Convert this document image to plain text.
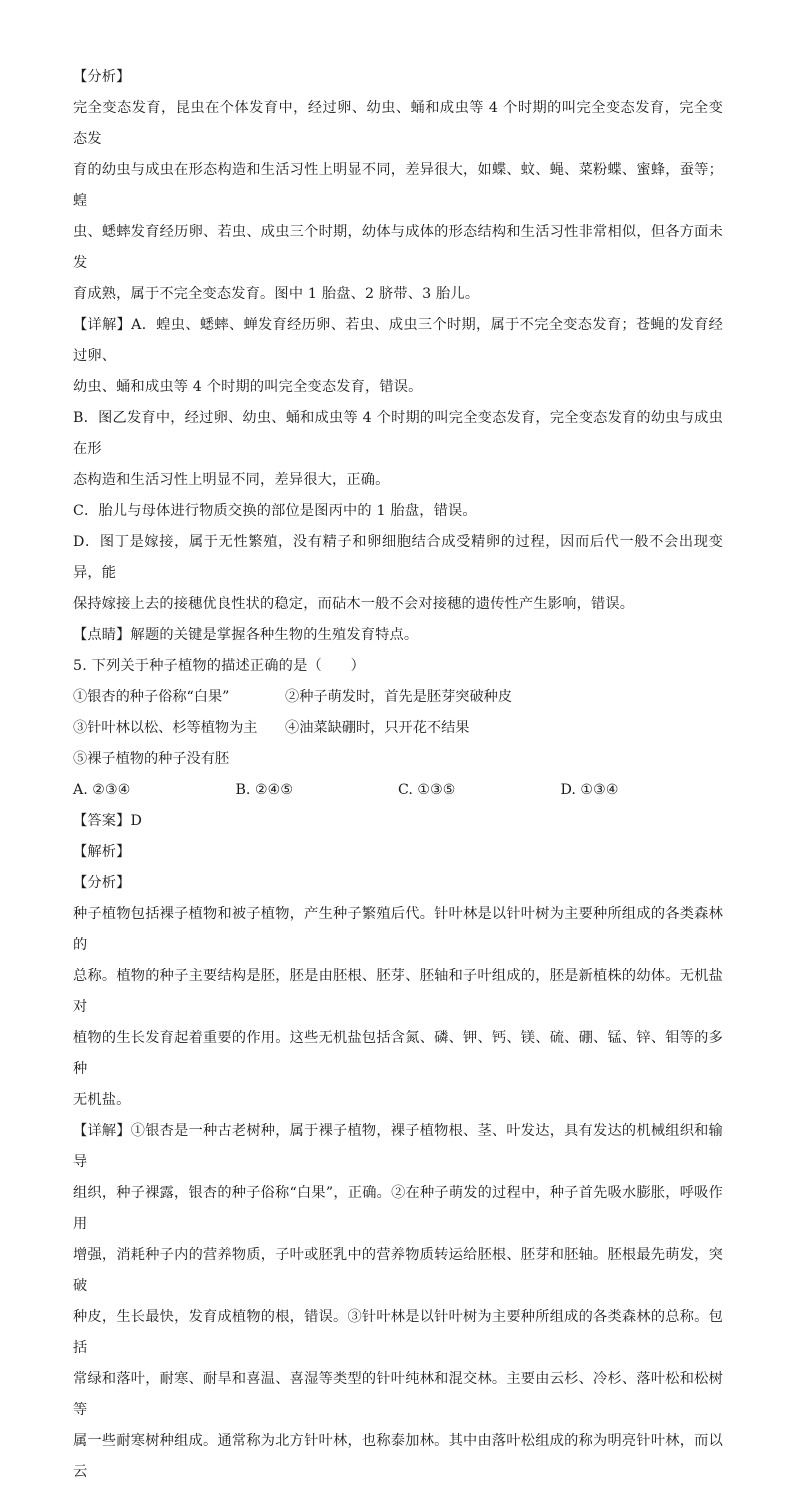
【分析】

完全变态发育，昆虫在个体发育中，经过卵、幼虫、蛹和成虫等 4 个时期的叫完全变态发育，完全变态发

育的幼虫与成虫在形态构造和生活习性上明显不同，差异很大，如蝶、蚊、蝇、菜粉蝶、蜜蜂，蚕等；蝗

虫、蟋蟀发育经历卵、若虫、成虫三个时期，幼体与成体的形态结构和生活习性非常相似，但各方面未发

育成熟，属于不完全变态发育。图中 1 胎盘、2 脐带、3 胎儿。

【详解】A．蝗虫、蟋蟀、蝉发育经历卵、若虫、成虫三个时期，属于不完全变态发育；苍蝇的发育经过卵、

幼虫、蛹和成虫等 4 个时期的叫完全变态发育，错误。

B．图乙发育中，经过卵、幼虫、蛹和成虫等 4 个时期的叫完全变态发育，完全变态发育的幼虫与成虫在形

态构造和生活习性上明显不同，差异很大，正确。

C．胎儿与母体进行物质交换的部位是图丙中的 1 胎盘，错误。

D．图丁是嫁接，属于无性繁殖，没有精子和卵细胞结合成受精卵的过程，因而后代一般不会出现变异，能

保持嫁接上去的接穗优良性状的稳定，而砧木一般不会对接穗的遗传性产生影响，错误。

【点睛】解题的关键是掌握各种生物的生殖发育特点。

5. 下列关于种子植物的描述正确的是（　　）

①银杏的种子俗称“白果”	②种子萌发时，首先是胚芽突破种皮
③针叶林以松、杉等植物为主	④油菜缺硼时，只开花不结果
⑤裸子植物的种子没有胚
A. ②③④	B. ②④⑤	C. ①③⑤	D. ①③④

【答案】D

【解析】

【分析】

种子植物包括裸子植物和被子植物，产生种子繁殖后代。针叶林是以针叶树为主要种所组成的各类森林的

总称。植物的种子主要结构是胚，胚是由胚根、胚芽、胚轴和子叶组成的，胚是新植株的幼体。无机盐对

植物的生长发育起着重要的作用。这些无机盐包括含氮、磷、钾、钙、镁、硫、硼、锰、锌、钼等的多种

无机盐。

【详解】①银杏是一种古老树种，属于裸子植物，裸子植物根、茎、叶发达，具有发达的机械组织和输导

组织，种子裸露，银杏的种子俗称“白果”，正确。②在种子萌发的过程中，种子首先吸水膨胀，呼吸作用

增强，消耗种子内的营养物质，子叶或胚乳中的营养物质转运给胚根、胚芽和胚轴。胚根最先萌发，突破

种皮，生长最快，发育成植物的根，错误。③针叶林是以针叶树为主要种所组成的各类森林的总称。包括

常绿和落叶，耐寒、耐旱和喜温、喜湿等类型的针叶纯林和混交林。主要由云杉、冷杉、落叶松和松树等

属一些耐寒树种组成。通常称为北方针叶林，也称泰加林。其中由落叶松组成的称为明亮针叶林，而以云
